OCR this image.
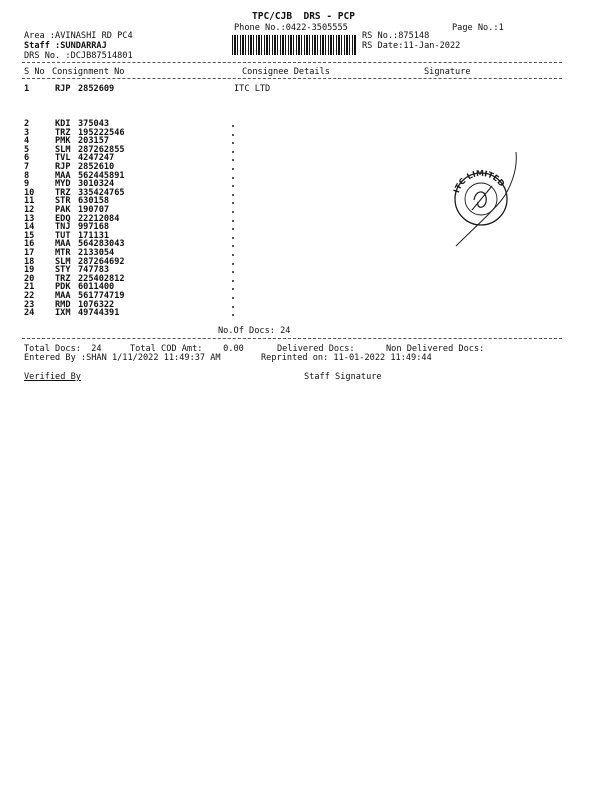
TPC/CJB  DRS - PCP
Phone No.:0422-3505555	Page No.:1
Area :AVINASHI RD PC4
Staff :SUNDARRAJ
DRS No. :DCJB87514801
RS No.:875148
RS Date:11-Jan-2022
S No Consignment No	Consignee Details	Signature
1	RJP 2852609	ITC LTD
2	KDI 375043
3	TRZ 195222546
4	PMK 203157
5	SLM 287262855
6	TVL 4247247
7	RJP 2852610
8	MAA 562445891
9	MYD 3010324
10	TRZ 335424765
11	STR 630158
12	PAK 190707
13	EDQ 22212084
14	TNJ 997168
15	TUT 171131
16	MAA 564283043
17	MTR 2133054
18	SLM 287264692
19	STY 747783
20	TRZ 225402812
21	PDK 6011400
22	MAA 561774719
23	RMD 1076322
24	IXM 49744391
No.Of Docs: 24
Total Docs:  24	Total COD Amt:    0.00	Delivered Docs:	Non Delivered Docs:
Entered By :SHAN 1/11/2022 11:49:37 AM	Reprinted on: 11-01-2022 11:49:44
Verified By	Staff Signature
ITC LIMITED
